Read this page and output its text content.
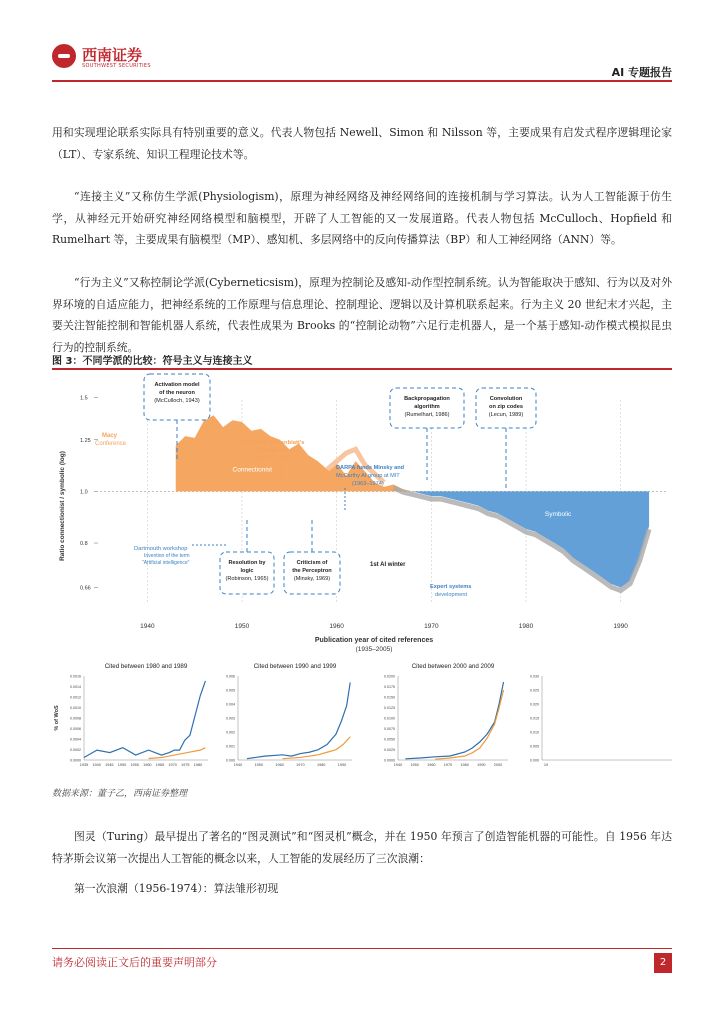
西南证券
SOUTHWEST SECURITIES	AI 专题报告
用和实现理论联系实际具有特别重要的意义。代表人物包括 Newell、Simon 和 Nilsson 等，主要成果有启发式程序逻辑理论家（LT）、专家系统、知识工程理论技术等。
“连接主义”又称仿生学派(Physiologism)，原理为神经网络及神经网络间的连接机制与学习算法。认为人工智能源于仿生学，从神经元开始研究神经网络模型和脑模型，开辟了人工智能的又一发展道路。代表人物包括 McCulloch、Hopfield 和 Rumelhart 等，主要成果有脑模型（MP）、感知机、多层网络中的反向传播算法（BP）和人工神经网络（ANN）等。
“行为主义”又称控制论学派(Cyberneticsism)，原理为控制论及感知-动作型控制系统。认为智能取决于感知、行为以及对外界环境的自适应能力，把神经系统的工作原理与信息理论、控制理论、逻辑以及计算机联系起来。行为主义 20 世纪末才兴起，主要关注智能控制和智能机器人系统，代表性成果为 Brooks 的“控制论动物”六足行走机器人，是一个基于感知-动作模式模拟昆虫行为的控制系统。
图 3：不同学派的比较：符号主义与连接主义
1940	1950	1960	1970	1980	1990
1.5
1.25
1.0
0.8
0.66
Ratio connectionist / symbolic (log)	Connectionist
Symbolic
Publication year of cited references
(1935–2005)
Activation model
of the neuron
(McCulloch, 1943)	Backpropagation
algorithm
(Rumelhart, 1986)
Convolution
on zip codes
(Lecun, 1989)
Resolution by
logic
(Robinson, 1965)
Criticism of
the Perceptron
(Minsky, 1969)
Macy
Conference	ONR funds Rosenblatt's
Perceptron
(1957–1962)
DARPA funds Minsky and
McCarthy AI group at MIT
(1963–1974)
Dartmouth workshop
Invention of the term
"Artificial intelligence"	1st AI winter
Expert systems
development
Cited between 1980 and 1989
0.0000
0.0002
0.0004
0.0006
0.0008
0.0010
0.0012
0.0014
0.0016
1935 1940 1945 1950 1955 1960 1965 1970 1975 1980
Cited between 1990 and 1999
0.000
0.001
0.002
0.003
0.004
0.005
0.006
1940	1950	1960	1970	1980	1990
Cited between 2000 and 2009
0.0000
0.0025
0.0050
0.0075
0.0100
0.0125
0.0150
0.0175
0.0200
1940 1950 1960 1970 1980 1990 2000
0.000
0.005
0.010
0.015
0.020
0.025
0.030
19
% of WoS
数据来源：董子乙，西南证券整理
图灵（Turing）最早提出了著名的“图灵测试”和“图灵机”概念，并在 1950 年预言了创造智能机器的可能性。自 1956 年达特茅斯会议第一次提出人工智能的概念以来，人工智能的发展经历了三次浪潮：
第一次浪潮（1956-1974）：算法雏形初现
请务必阅读正文后的重要声明部分	2
